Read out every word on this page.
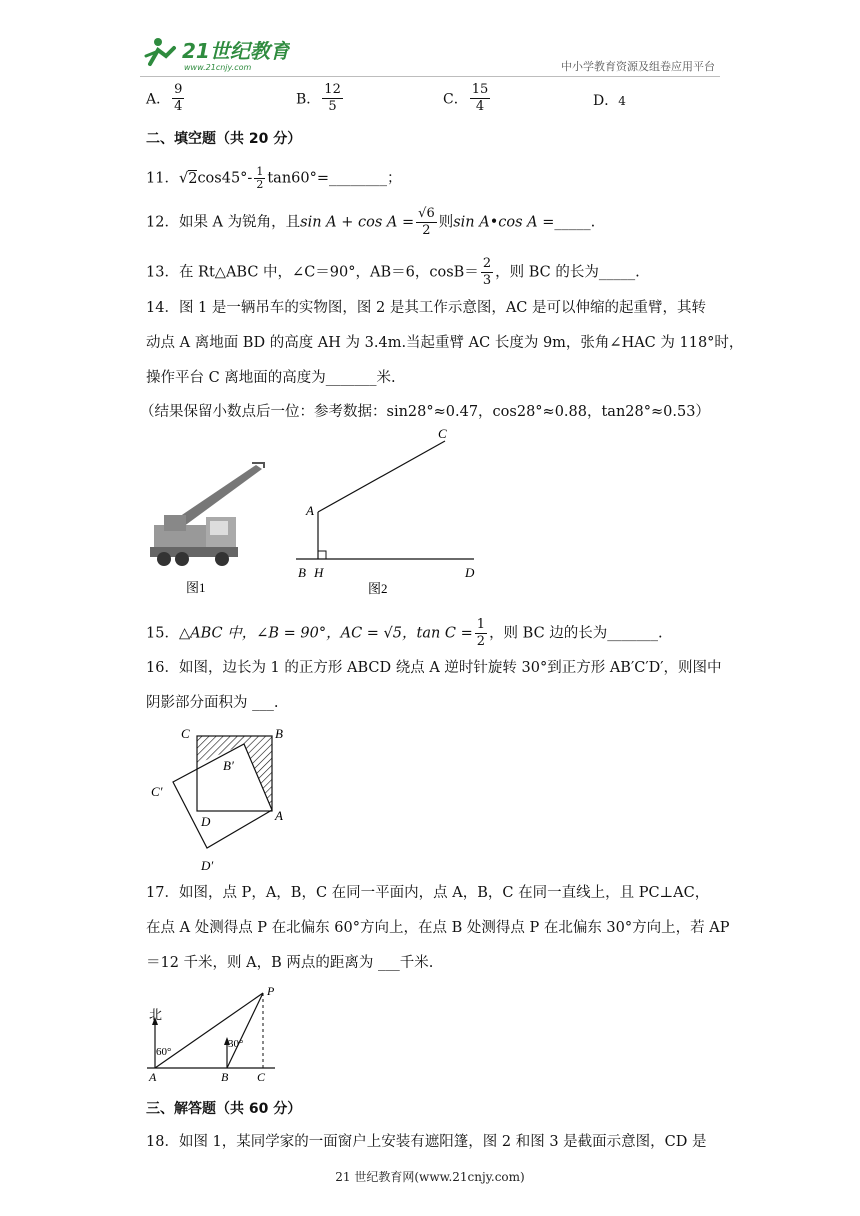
21世纪教育
www.21cnjy.com	中小学教育资源及组卷应用平台
A． $\frac{9}{4}$	B． $\frac{12}{5}$	C． $\frac{15}{4}$	D．4
二、填空题（共 20 分）
11．$√2\cos 45^\circ- \frac{1}{2}$ tan60°=________；
12．如果 A 为锐角，且$\sin A + \cos A = \frac{√6}{2}$ 则sin A•cos A =_____.
13．在 Rt△ABC 中，∠C＝90°，AB＝6，$\cos B= \frac{2}{3}$ ，则 BC 的长为_____.
14．图 1 是一辆吊车的实物图，图 2 是其工作示意图，AC 是可以伸缩的起重臂，其转
动点 A 离地面 BD 的高度 AH 为 3.4m.当起重臂 AC 长度为 9m，张角∠HAC 为 118°时，
操作平台 C 离地面的高度为_______米.
（结果保留小数点后一位：参考数据：sin28°≈0.47，cos28°≈0.88，tan28°≈0.53）
图1
C
A
B H	D
图2
15．△ABC 中，∠B = 90°，AC = √5，$\tan C = \frac{1}{2}$ ，则 BC 边的长为_______.
16．如图，边长为 1 的正方形 ABCD 绕点 A 逆时针旋转 30°到正方形 AB′C′D′，则图中
阴影部分面积为 ___.
C	B
B′
C′
D	A
D′
17．如图，点 P，A，B，C 在同一平面内，点 A，B，C 在同一直线上，且 PC⊥AC，
在点 A 处测得点 P 在北偏东 60°方向上，在点 B 处测得点 P 在北偏东 30°方向上，若 AP
＝12 千米，则 A，B 两点的距离为 ___千米.
北
60°
30°
A	B C
P
三、解答题（共 60 分）
18．如图 1，某同学家的一面窗户上安装有遮阳篷，图 2 和图 3 是截面示意图，CD 是
21 世纪教育网(www.21cnjy.com)
